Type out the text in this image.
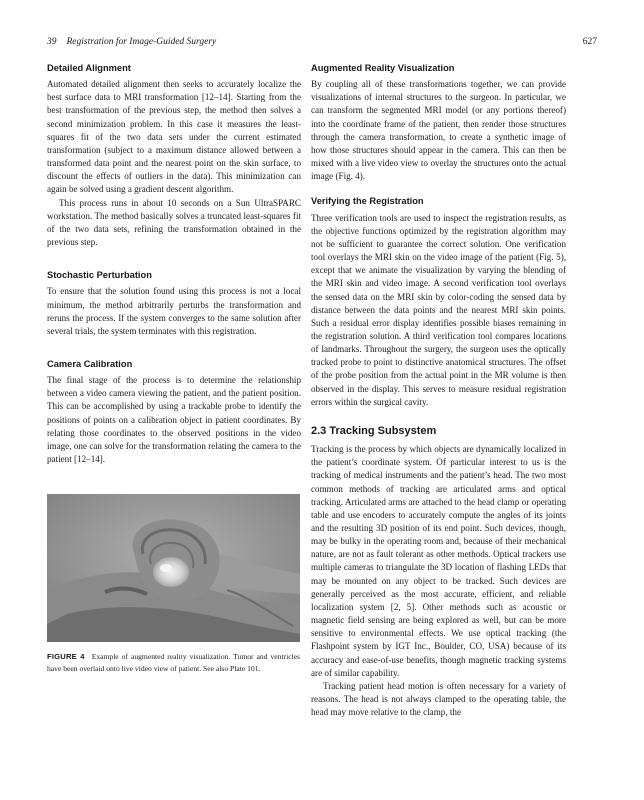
39 Registration for Image-Guided Surgery	627
Detailed Alignment

Automated detailed alignment then seeks to accurately localize the best surface data to MRI transformation [12–14]. Starting from the best transformation of the previous step, the method then solves a second minimization problem. In this case it measures the least-squares fit of the two data sets under the current estimated transformation (subject to a maximum distance allowed between a transformed data point and the nearest point on the skin surface, to discount the effects of outliers in the data). This minimization can again be solved using a gradient descent algorithm.

This process runs in about 10 seconds on a Sun UltraSPARC workstation. The method basically solves a truncated least-squares fit of the two data sets, refining the transformation obtained in the previous step.

Stochastic Perturbation

To ensure that the solution found using this process is not a local minimum, the method arbitrarily perturbs the transformation and reruns the process. If the system converges to the same solution after several trials, the system terminates with this registration.

Camera Calibration

The final stage of the process is to determine the relationship between a video camera viewing the patient, and the patient position. This can be accomplished by using a trackable probe to identify the positions of points on a calibration object in patient coordinates. By relating those coordinates to the observed positions in the video image, one can solve for the transformation relating the camera to the patient [12–14].

FIGURE 4 Example of augmented reality visualization. Tumor and ventricles have been overlaid onto live video view of patient. See also Plate 101.
Augmented Reality Visualization

By coupling all of these transformations together, we can provide visualizations of internal structures to the surgeon. In particular, we can transform the segmented MRI model (or any portions thereof) into the coordinate frame of the patient, then render those structures through the camera transformation, to create a synthetic image of how those structures should appear in the camera. This can then be mixed with a live video view to overlay the structures onto the actual image (Fig. 4).

Verifying the Registration

Three verification tools are used to inspect the registration results, as the objective functions optimized by the registration algorithm may not be sufficient to guarantee the correct solution. One verification tool overlays the MRI skin on the video image of the patient (Fig. 5), except that we animate the visualization by varying the blending of the MRI skin and video image. A second verification tool overlays the sensed data on the MRI skin by color-coding the sensed data by distance between the data points and the nearest MRI skin points. Such a residual error display identifies possible biases remaining in the registration solution. A third verification tool compares locations of landmarks. Throughout the surgery, the surgeon uses the optically tracked probe to point to distinctive anatomical structures. The offset of the probe position from the actual point in the MR volume is then observed in the display. This serves to measure residual registration errors within the surgical cavity.

2.3 Tracking Subsystem

Tracking is the process by which objects are dynamically localized in the patient’s coordinate system. Of particular interest to us is the tracking of medical instruments and the patient’s head. The two most common methods of tracking are articulated arms and optical tracking. Articulated arms are attached to the head clamp or operating table and use encoders to accurately compute the angles of its joints and the resulting 3D position of its end point. Such devices, though, may be bulky in the operating room and, because of their mechanical nature, are not as fault tolerant as other methods. Optical trackers use multiple cameras to triangulate the 3D location of flashing LEDs that may be mounted on any object to be tracked. Such devices are generally perceived as the most accurate, efficient, and reliable localization system [2, 5]. Other methods such as acoustic or magnetic field sensing are being explored as well, but can be more sensitive to environmental effects. We use optical tracking (the Flashpoint system by IGT Inc., Boulder, CO, USA) because of its accuracy and ease-of-use benefits, though magnetic tracking systems are of similar capability.

Tracking patient head motion is often necessary for a variety of reasons. The head is not always clamped to the operating table, the head may move relative to the clamp, the
